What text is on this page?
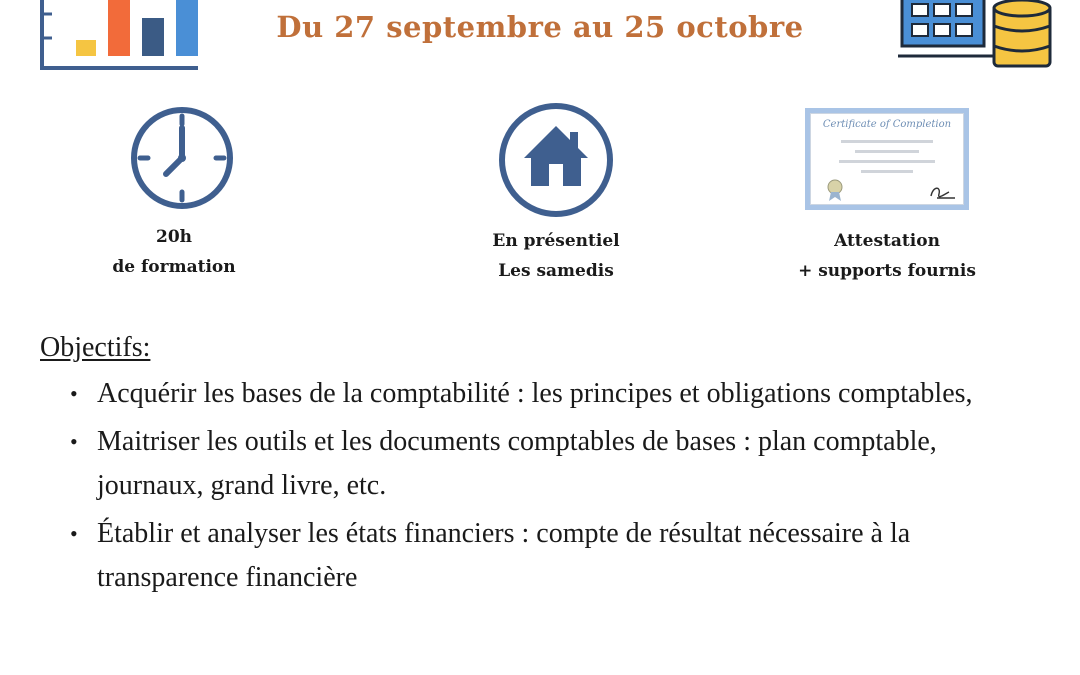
Du 27 septembre au 25 octobre
20h
de formation
En présentiel
Les samedis
Certificate of Completion
Attestation
+ supports fournis
Objectifs:
• Acquérir les bases de la comptabilité : les principes et obligations comptables,
• Maitriser les outils et les documents comptables de bases : plan comptable, journaux, grand livre, etc.
• Établir et analyser les états financiers : compte de résultat nécessaire à la transparence financière
